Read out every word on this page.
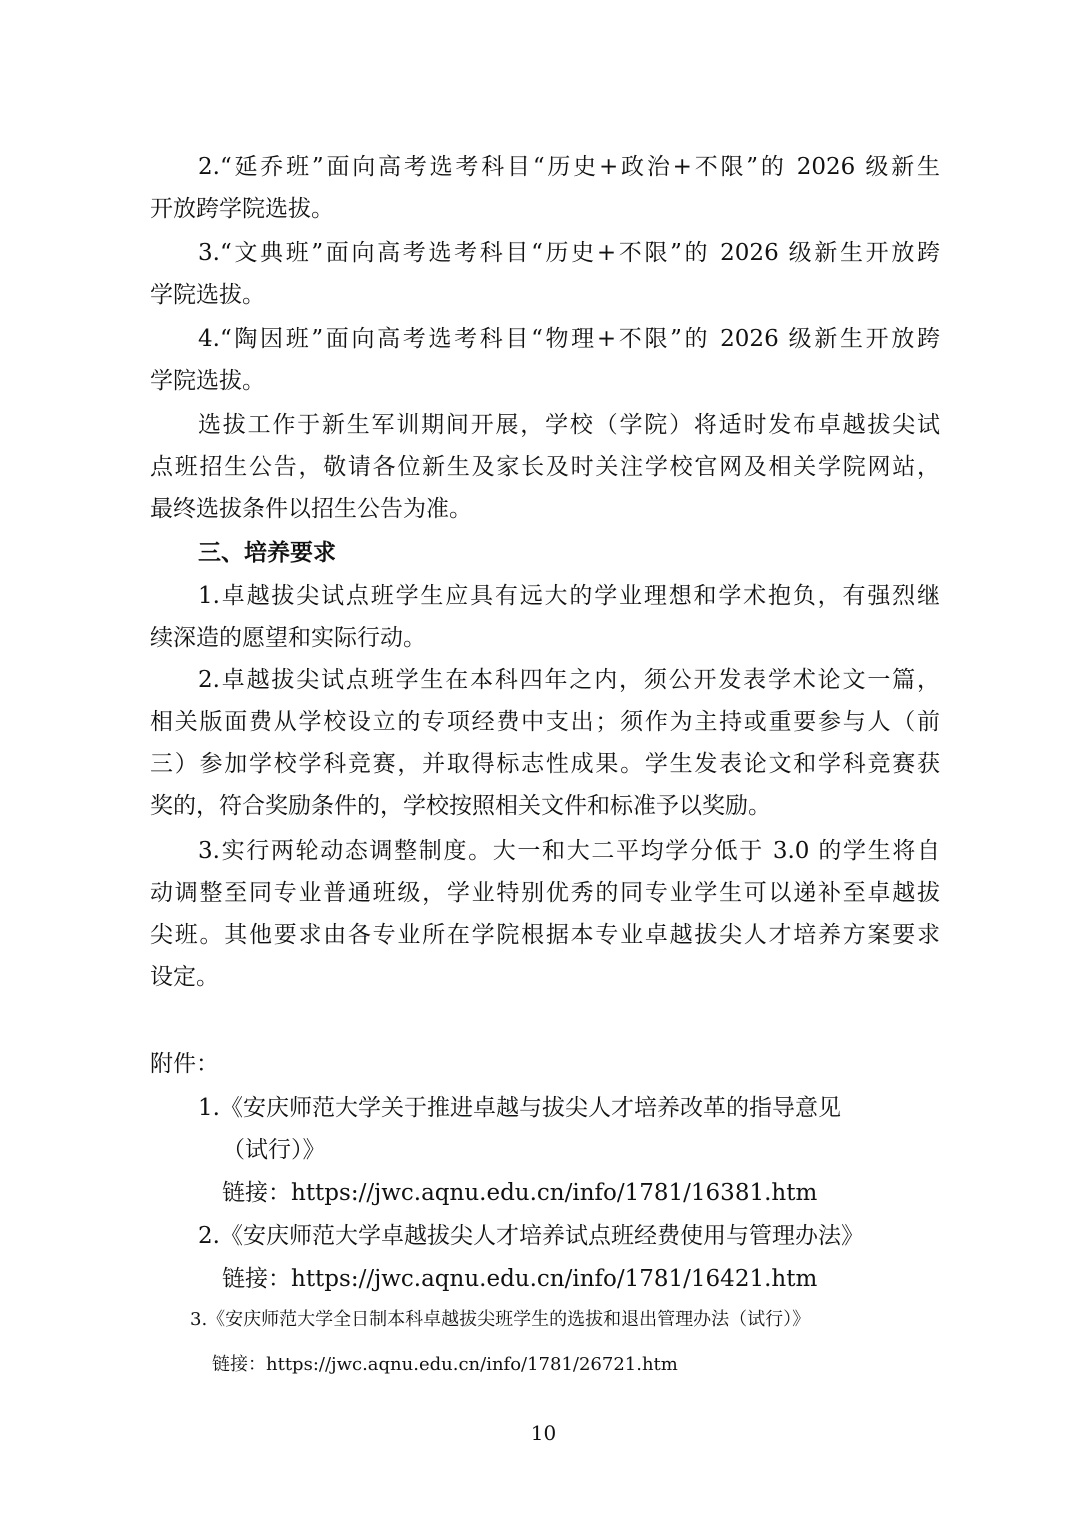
2.“延乔班”面向高考选考科目“历史+政治+不限”的 2026 级新生
开放跨学院选拔。
3.“文典班”面向高考选考科目“历史+不限”的 2026 级新生开放跨
学院选拔。
4.“陶因班”面向高考选考科目“物理+不限”的 2026 级新生开放跨
学院选拔。
选拔工作于新生军训期间开展，学校（学院）将适时发布卓越拔尖试
点班招生公告，敬请各位新生及家长及时关注学校官网及相关学院网站，
最终选拔条件以招生公告为准。
三、培养要求
1.卓越拔尖试点班学生应具有远大的学业理想和学术抱负，有强烈继
续深造的愿望和实际行动。
2.卓越拔尖试点班学生在本科四年之内，须公开发表学术论文一篇，
相关版面费从学校设立的专项经费中支出；须作为主持或重要参与人（前
三）参加学校学科竞赛，并取得标志性成果。学生发表论文和学科竞赛获
奖的，符合奖励条件的，学校按照相关文件和标准予以奖励。
3.实行两轮动态调整制度。大一和大二平均学分低于 3.0 的学生将自
动调整至同专业普通班级，学业特别优秀的同专业学生可以递补至卓越拔
尖班。其他要求由各专业所在学院根据本专业卓越拔尖人才培养方案要求
设定。
附件：
1.《安庆师范大学关于推进卓越与拔尖人才培养改革的指导意见
（试行）》
链接：https://jwc.aqnu.edu.cn/info/1781/16381.htm
2.《安庆师范大学卓越拔尖人才培养试点班经费使用与管理办法》
链接：https://jwc.aqnu.edu.cn/info/1781/16421.htm
3.《安庆师范大学全日制本科卓越拔尖班学生的选拔和退出管理办法（试行）》
链接：https://jwc.aqnu.edu.cn/info/1781/26721.htm
10
